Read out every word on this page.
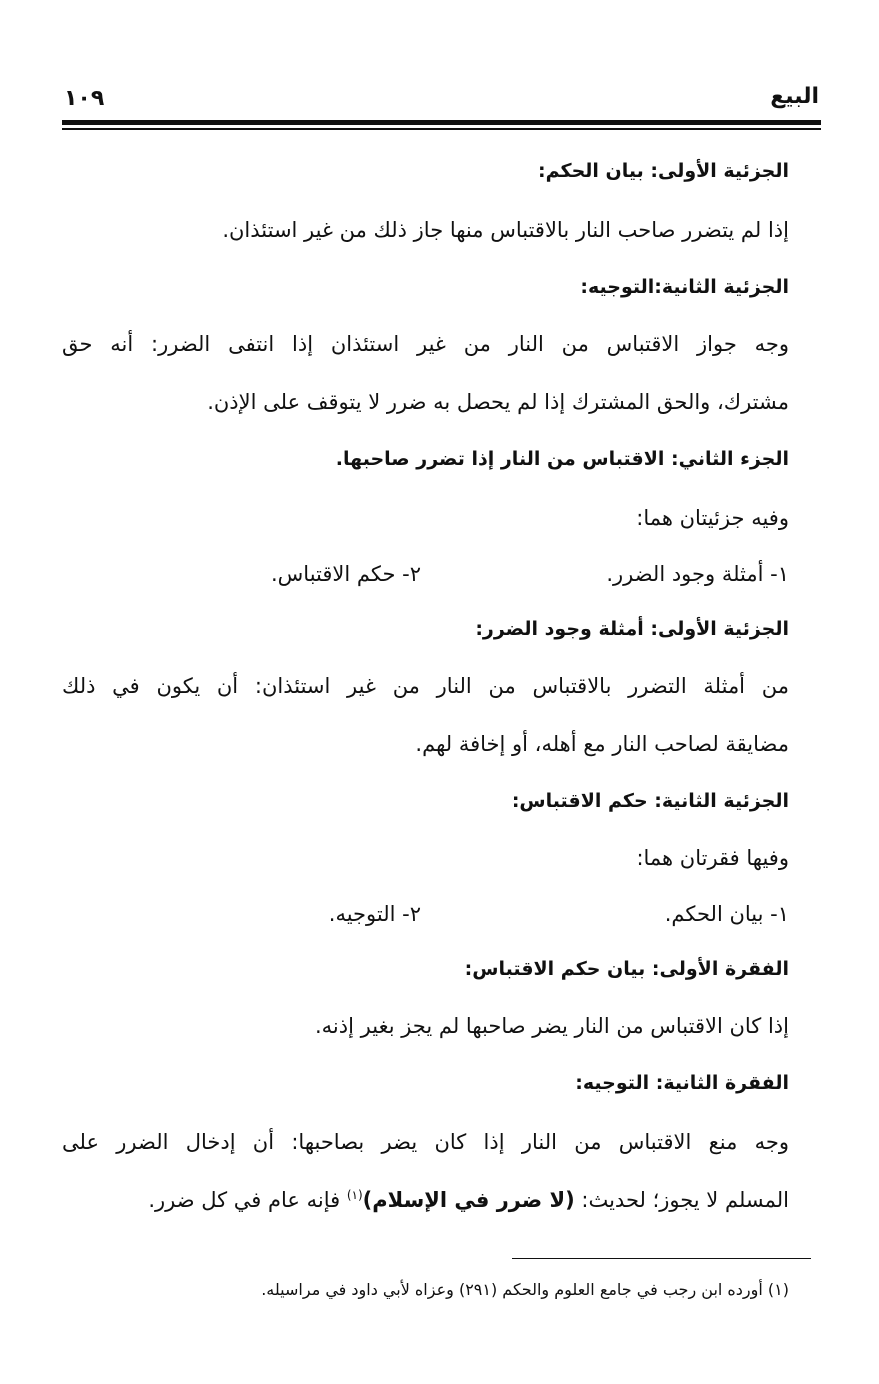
البيع
١٠٩
الجزئية الأولى: بيان الحكم:
إذا لم يتضرر صاحب النار بالاقتباس منها جاز ذلك من غير استئذان.
الجزئية الثانية:التوجيه:
وجه جواز الاقتباس من النار من غير استئذان إذا انتفى الضرر: أنه حق
مشترك، والحق المشترك إذا لم يحصل به ضرر لا يتوقف على الإذن.
الجزء الثاني: الاقتباس من النار إذا تضرر صاحبها.
وفيه جزئيتان هما:
١- أمثلة وجود الضرر.
٢- حكم الاقتباس.
الجزئية الأولى: أمثلة وجود الضرر:
من أمثلة التضرر بالاقتباس من النار من غير استئذان: أن يكون في ذلك
مضايقة لصاحب النار مع أهله، أو إخافة لهم.
الجزئية الثانية: حكم الاقتباس:
وفيها فقرتان هما:
١- بيان الحكم.
٢- التوجيه.
الفقرة الأولى: بيان حكم الاقتباس:
إذا كان الاقتباس من النار يضر صاحبها لم يجز بغير إذنه.
الفقرة الثانية: التوجيه:
وجه منع الاقتباس من النار إذا كان يضر بصاحبها: أن إدخال الضرر على
المسلم لا يجوز؛ لحديث: (لا ضرر في الإسلام)$^{(١)}$ فإنه عام في كل ضرر.
(١) أورده ابن رجب في جامع العلوم والحكم (٢٩١) وعزاه لأبي داود في مراسيله.
